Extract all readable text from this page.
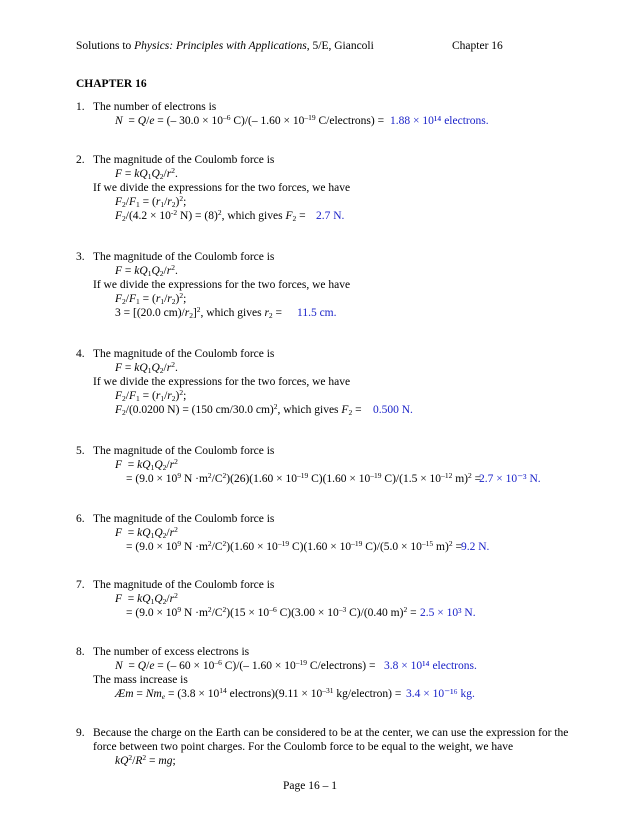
Solutions to Physics: Principles with Applications, 5/E, Giancoli	Chapter 16
CHAPTER 16
1. The number of electrons is
N  = Q/e = (– $30.0 \times 10^{-6}$ C)/(– $1.60 \times 10^{-19}$ C/electrons) = 1.88 × 10¹⁴ electrons.
2. The magnitude of the Coulomb force is
$F = kQ_1Q_2/r^2$.
If we divide the expressions for the two forces, we have
$F_2/F_1 = (r_1/r_2)^2$;
$F_2/(4.2 \times 10^{-2}$ $N) = (8)^2$, which gives $F_2 = 2.7$ N.
3. The magnitude of the Coulomb force is
$F = kQ_1Q_2/r^2$.
If we divide the expressions for the two forces, we have
$F_2/F_1 = (r_1/r_2)^2$;
3 = [(20.0 $cm)/r_2]^2$, which gives $r_2 = 11.5$ cm.
4. The magnitude of the Coulomb force is
$F = kQ_1Q_2/r^2$.
If we divide the expressions for the two forces, we have
$F_2/F_1 = (r_1/r_2)^2$;
$F_2/(0.0200$ N) = (150 cm/30.0 cm)$^2$, which gives $F_2 = 0.500$ N.
5. The magnitude of the Coulomb force is
$F = kQ_1Q_2/r^2$
= ($9.0 \times 10^9$ $N \cdot m^2/C^2)(26)(1.60 \times 10^{-19}$ $C)(1.60 \times 10^{-19}$ $C)/(1.5 \times 10^{-12}$ m)$^2$ =
2.7 × 10⁻³ N.
6. The magnitude of the Coulomb force is
$F = kQ_1Q_2/r^2$
= ($9.0 \times 10^9$ $N \cdot m^2/C^2)(1.60 \times 10^{-19}$ $C)(1.60 \times 10^{-19}$ $C)/(5.0 \times 10^{-15}$ m)$^2$ = 9.2 N.
7. The magnitude of the Coulomb force is
$F = kQ_1Q_2/r^2$
= ($9.0 \times 10^9$ $N \cdot m^2/C^2)(15 \times 10^{-6}$ $C)(3.00 \times 10^{-3}$ C)/(0.40 m)$^2$ = 2.5 × 10³ N.
8. The number of excess electrons is
N  = Q/e = (– $60 \times 10^{-6}$ C)/(– $1.60 \times 10^{-19}$ C/electrons) = 3.8 × 10¹⁴ electrons.
The mass increase is
Æm = $Nm_e = (3.8 \times 10^{14}$ electrons)(9.11 × $10^{-31}$ kg/electron) = 3.4 × 10⁻¹⁶ kg.
9. Because the charge on the Earth can be considered to be at the center, we can use the expression for the
force between two point charges. For the Coulomb force to be equal to the weight, we have
$kQ^2/R^2$ = mg;
Page 16 – 1
